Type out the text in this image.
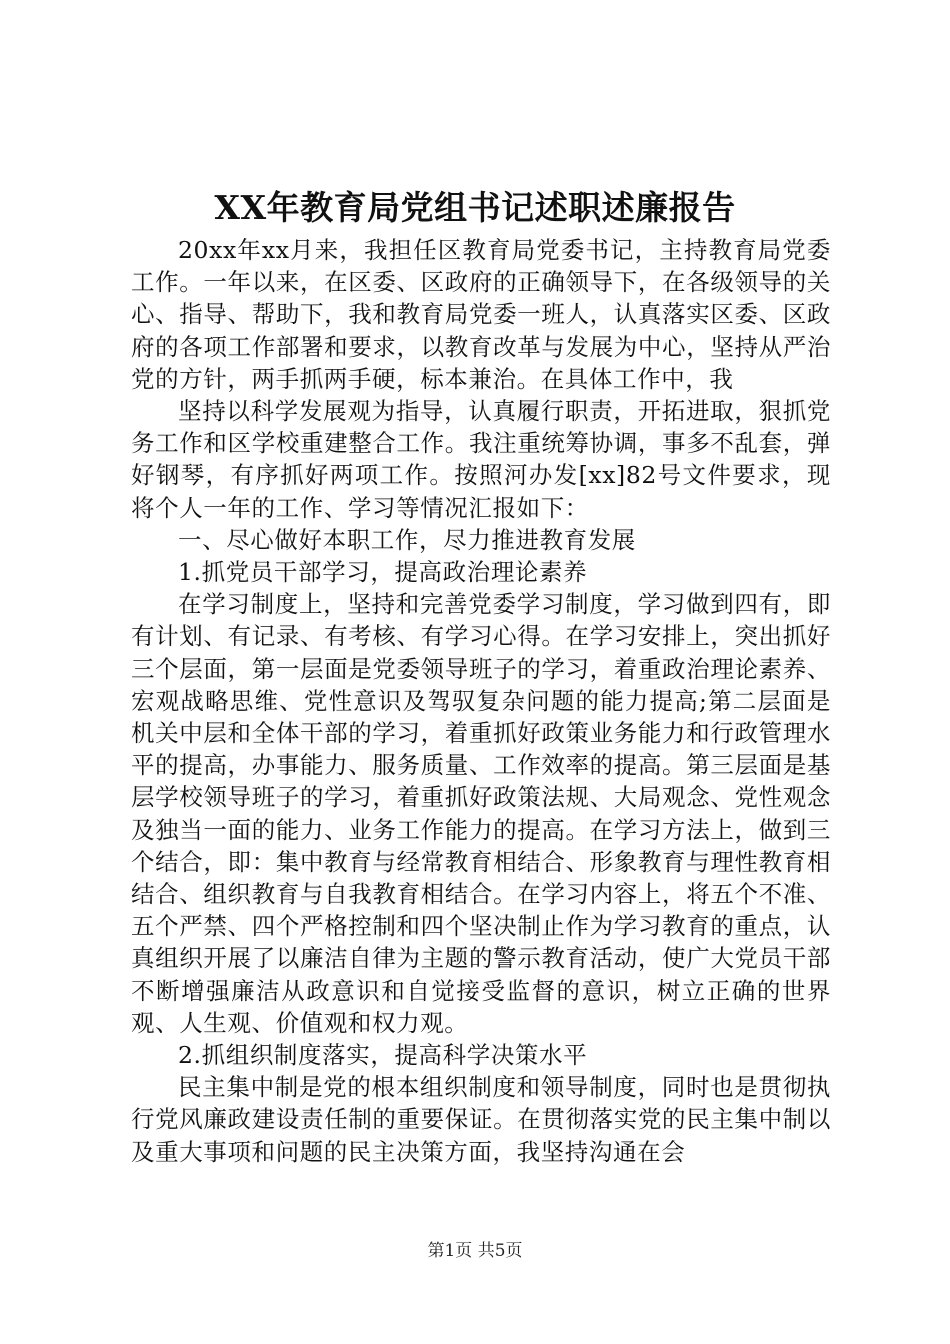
XX年教育局党组书记述职述廉报告

20xx年xx月来，我担任区教育局党委书记，主持教育局党委工作。一年以来，在区委、区政府的正确领导下，在各级领导的关心、指导、帮助下，我和教育局党委一班人，认真落实区委、区政府的各项工作部署和要求，以教育改革与发展为中心，坚持从严治党的方针，两手抓两手硬，标本兼治。在具体工作中，我

坚持以科学发展观为指导，认真履行职责，开拓进取，狠抓党务工作和区学校重建整合工作。我注重统筹协调，事多不乱套，弹好钢琴，有序抓好两项工作。按照河办发[xx]82号文件要求，现将个人一年的工作、学习等情况汇报如下：

一、尽心做好本职工作，尽力推进教育发展

1.抓党员干部学习，提高政治理论素养

在学习制度上，坚持和完善党委学习制度，学习做到四有，即有计划、有记录、有考核、有学习心得。在学习安排上，突出抓好三个层面，第一层面是党委领导班子的学习，着重政治理论素养、宏观战略思维、党性意识及驾驭复杂问题的能力提高;第二层面是机关中层和全体干部的学习，着重抓好政策业务能力和行政管理水平的提高，办事能力、服务质量、工作效率的提高。第三层面是基层学校领导班子的学习，着重抓好政策法规、大局观念、党性观念及独当一面的能力、业务工作能力的提高。在学习方法上，做到三个结合，即：集中教育与经常教育相结合、形象教育与理性教育相结合、组织教育与自我教育相结合。在学习内容上，将五个不准、五个严禁、四个严格控制和四个坚决制止作为学习教育的重点，认真组织开展了以廉洁自律为主题的警示教育活动，使广大党员干部不断增强廉洁从政意识和自觉接受监督的意识，树立正确的世界观、人生观、价值观和权力观。

2.抓组织制度落实，提高科学决策水平

民主集中制是党的根本组织制度和领导制度，同时也是贯彻执行党风廉政建设责任制的重要保证。在贯彻落实党的民主集中制以及重大事项和问题的民主决策方面，我坚持沟通在会

第1页 共5页
